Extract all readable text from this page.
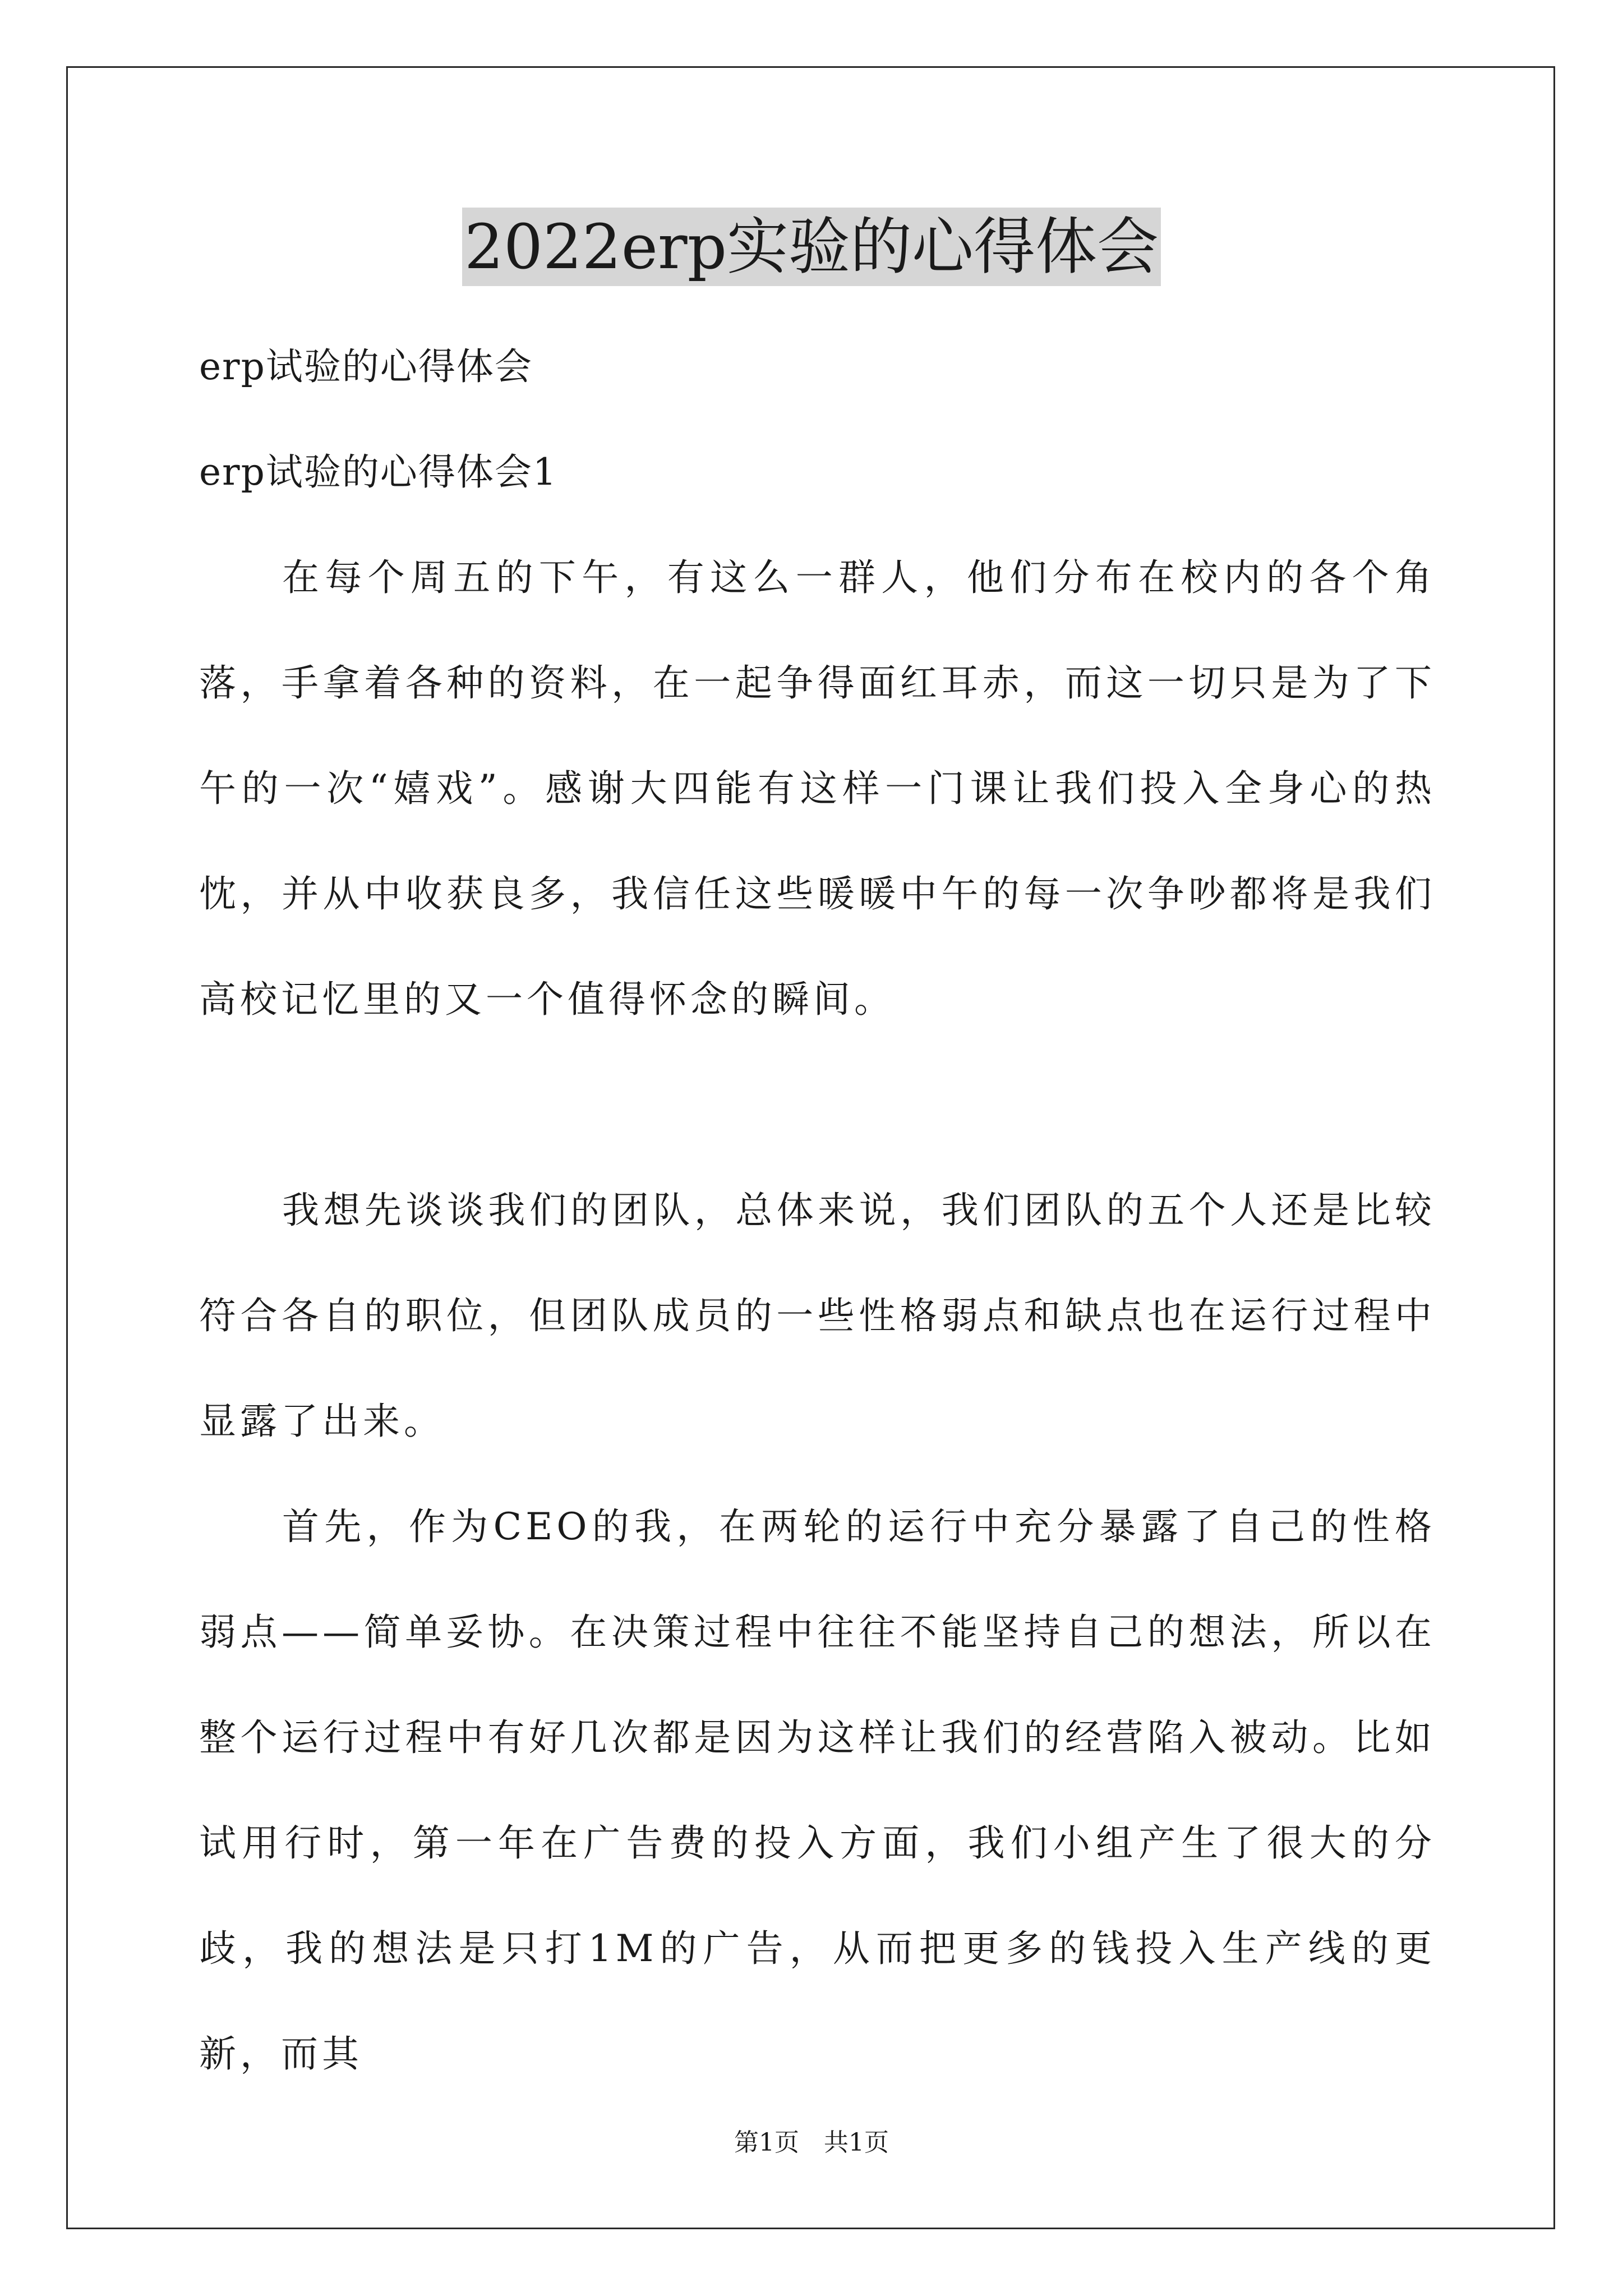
2022erp实验的心得体会

erp试验的心得体会

erp试验的心得体会1

在每个周五的下午，有这么一群人，他们分布在校内的各个角落，手拿着各种的资料，在一起争得面红耳赤，而这一切只是为了下午的一次“嬉戏”。感谢大四能有这样一门课让我们投入全身心的热忱，并从中收获良多，我信任这些暖暖中午的每一次争吵都将是我们高校记忆里的又一个值得怀念的瞬间。

我想先谈谈我们的团队，总体来说，我们团队的五个人还是比较符合各自的职位，但团队成员的一些性格弱点和缺点也在运行过程中显露了出来。

首先，作为CEO的我，在两轮的运行中充分暴露了自己的性格弱点——简单妥协。在决策过程中往往不能坚持自己的想法，所以在整个运行过程中有好几次都是因为这样让我们的经营陷入被动。比如试用行时，第一年在广告费的投入方面，我们小组产生了很大的分歧，我的想法是只打1M的广告，从而把更多的钱投入生产线的更新，而其

第1页　共1页
